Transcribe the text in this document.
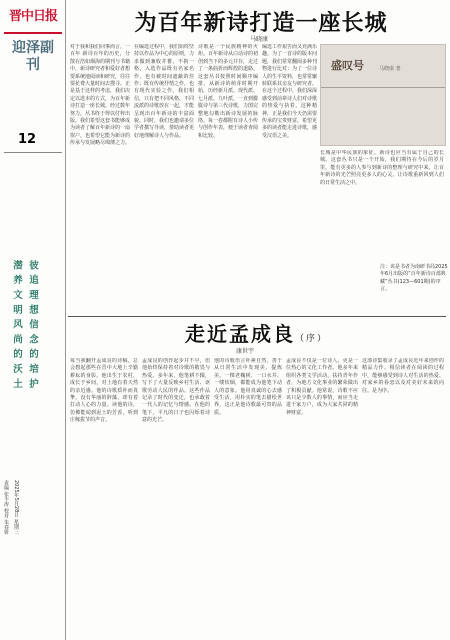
晋中日报
迎泽副刊
12
彼 追 理 想 信 念 的 培 护
潜 养 文 明 风 尚 的 沃 土
责编 张丰涛 校对 朱春妍 2025年5月28日 星期三
为百年新诗打造一座长城
马晓康
对于我和我们同事而言，一百年 新诗百年的历史，分散在浩如烟海的期刊与书籍中，新诗研究者和爱好者想要系统地阅读和研究，往往要花费大量时间去搜寻。正是基于这样的考虑，我们决定以选本的方式，为百年新诗打造一座长城。经过数年努力，丛书终于得以付梓出版。我们希望这套书能够成为读者了解百年新诗的一扇窗户，也希望它能为新诗的传承与发展略尽绵薄之力。
在编选过程中，我们始终坚持以作品为中心的原则，力求做到兼收并蓄、不拘一格。入选作品既有名家名作，也有被时间遮蔽的佳作；既有传统抒情之作，也有现代实验之作。我们相信，只有把不同风格、不同流派的诗歌放在一起，才能呈现出百年新诗的丰富面貌。同时，我们也邀请多位学者撰写导读，帮助读者更好地理解诗人与作品。
诗歌是一个民族精神的火炬。百年新诗从白话诗的初创到当下的多元并存，走过了一条曲折而辉煌的道路。这套丛书按照时间顺序编排，从新诗的萌芽时期开始，历经新月派、现代派、七月派、九叶派，一直到朦胧诗与第三代诗歌，力图完整地勾勒出新诗发展的脉络。每一卷都附有诗人小传与创作年表，便于读者查阅和比较。
编选工作艰苦而又充满乐趣。为了一首诗的版本问题，我们常常翻阅多种刊物进行比对；为了一位诗人的生平资料，也常常辗转联系其亲友与研究者。在这个过程中，我们深深感受到前辈诗人们对诗歌的热爱与执着。这种精神，正是我们今天仍需要传承的宝贵财富。希望更多的读者能走进诗歌，感受汉语之美。
长城是中华民族的象征，新诗也应当有属于自己的长城。这套丛书只是一个开始，我们期待在今后的岁月里，能有更多的人参与到新诗的整理与研究中来，让百年新诗的光芒照亮更多人的心灵，让诗歌重新回到人们的日常生活之中。
盛叹号	马晓康 著
注：该是书者为南研书局2025年6月出版的“百年新诗百部典藏”丛书(123—601期)的序言。
走近孟成良（序）
康世宇
每当我翻开孟成良的诗稿，总会想起那些在晋中大地上辛勤耕耘的身影。他出生于农村，成长于乡间，对土地有着天然的亲近感。他的诗歌质朴而真挚，没有华丽的辞藻，却有着打动人心的力量。读他的诗，仿佛能闻到泥土的芳香，听到庄稼拔节的声音。
孟成良的创作起步并不早，但他始终保持着对诗歌的敬畏与热爱。多年来，他笔耕不辍，写下了大量反映乡村生活、讴歌劳动人民的作品。这些作品记录了时代的变迁，也承载着一代人的记忆与情感。在他的笔下，平凡的日子也闪烁着诗意的光芒。
他的诗歌语言朴素自然，善于从日常生活中发现美、提炼美。一棵老槐树、一口水井、一缕炊烟，都能成为他笔下动人的意象。他用真诚的心去感受生活，用朴实的笔去描绘世界，这正是他诗歌最可贵的品质。
孟成良不仅是一位诗人，更是一位热心的文化工作者。他多年来组织各类文学活动，扶持青年作者，为地方文化事业的繁荣做出了积极贡献。他常说，诗歌不应该只是少数人的事情，而应当走进千家万户，成为大家共同的精神财富。
这部诗集收录了孟成良近年来创作的精品力作。相信读者在阅读的过程中，能够感受到诗人对生活的热爱、对家乡的眷恋以及对美好未来的向往。是为序。
